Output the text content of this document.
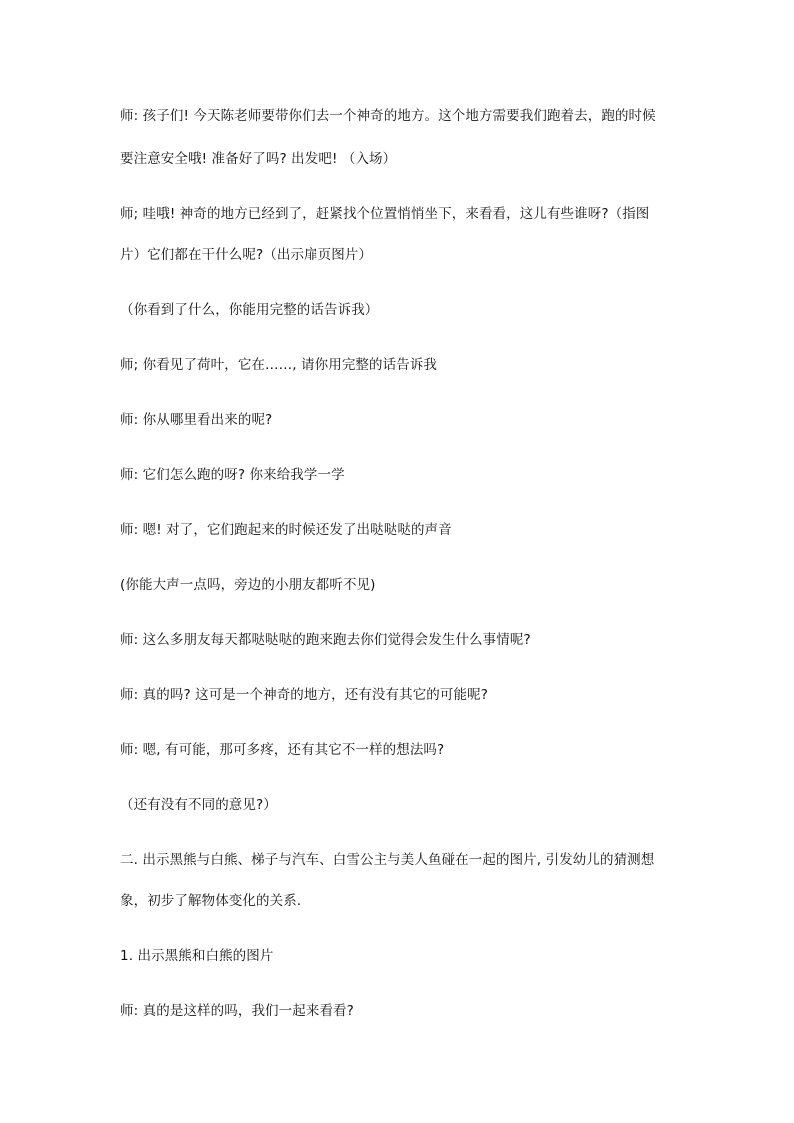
师: 孩子们! 今天陈老师要带你们去一个神奇的地方。这个地方需要我们跑着去，跑的时候
要注意安全哦! 准备好了吗? 出发吧! （入场）
师; 哇哦! 神奇的地方已经到了，赶紧找个位置悄悄坐下，来看看，这儿有些谁呀?（指图
片）它们都在干什么呢?（出示扉页图片）
（你看到了什么，你能用完整的话告诉我）
师; 你看见了荷叶，它在……, 请你用完整的话告诉我
师: 你从哪里看出来的呢?
师: 它们怎么跑的呀? 你来给我学一学
师: 嗯! 对了，它们跑起来的时候还发了出哒哒哒的声音
(你能大声一点吗，旁边的小朋友都听不见)
师: 这么多朋友每天都哒哒哒的跑来跑去你们觉得会发生什么事情呢?
师: 真的吗? 这可是一个神奇的地方，还有没有其它的可能呢?
师: 嗯, 有可能，那可多疼，还有其它不一样的想法吗?
（还有没有不同的意见?）
二. 出示黑熊与白熊、梯子与汽车、白雪公主与美人鱼碰在一起的图片, 引发幼儿的猜测想
象，初步了解物体变化的关系.
1. 出示黑熊和白熊的图片
师: 真的是这样的吗，我们一起来看看?
